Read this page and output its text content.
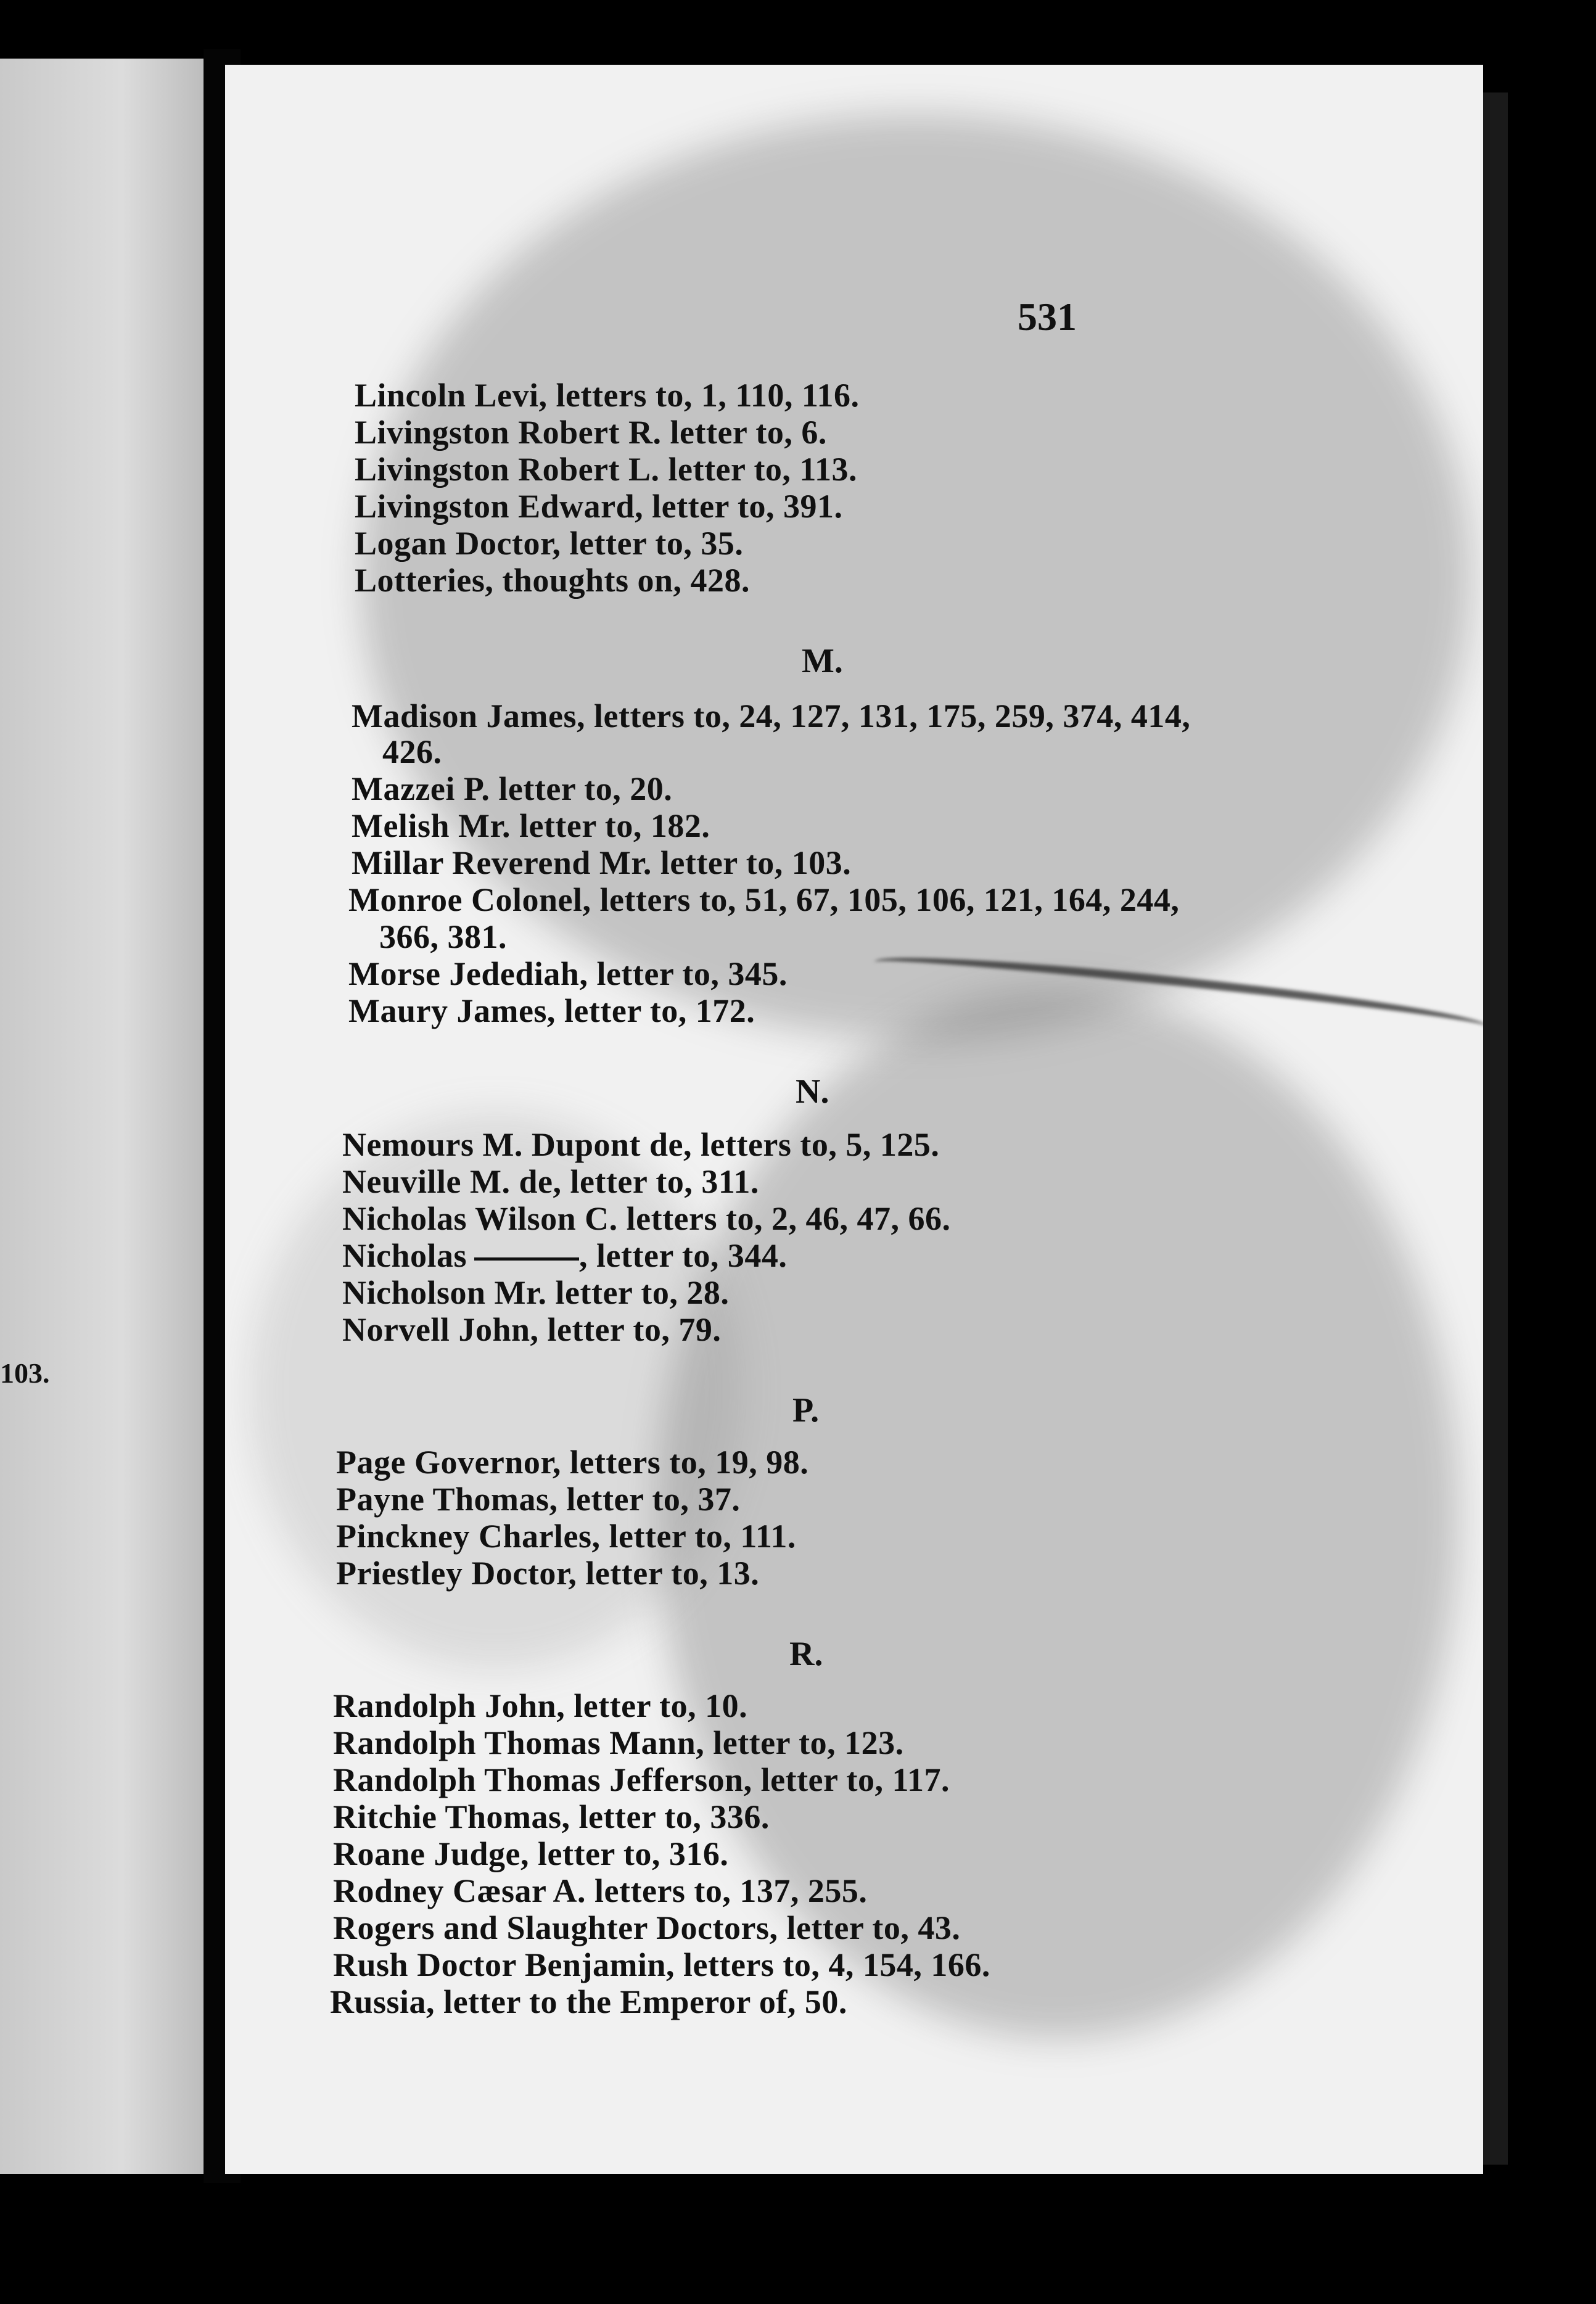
103.
531
Lincoln Levi, letters to, 1, 110, 116.
Livingston Robert R. letter to, 6.
Livingston Robert L. letter to, 113.
Livingston Edward, letter to, 391.
Logan Doctor, letter to, 35.
Lotteries, thoughts on, 428.
M.
Madison James, letters to, 24, 127, 131, 175, 259, 374, 414,
426.
Mazzei P. letter to, 20.
Melish Mr. letter to, 182.
Millar Reverend Mr. letter to, 103.
Monroe Colonel, letters to, 51, 67, 105, 106, 121, 164, 244,
366, 381.
Morse Jedediah, letter to, 345.
Maury James, letter to, 172.
N.
Nemours M. Dupont de, letters to, 5, 125.
Neuville M. de, letter to, 311.
Nicholas Wilson C. letters to, 2, 46, 47, 66.
Nicholas	, letter to, 344.
Nicholson Mr. letter to, 28.
Norvell John, letter to, 79.
P.
Page Governor, letters to, 19, 98.
Payne Thomas, letter to, 37.
Pinckney Charles, letter to, 111.
Priestley Doctor, letter to, 13.
R.
Randolph John, letter to, 10.
Randolph Thomas Mann, letter to, 123.
Randolph Thomas Jefferson, letter to, 117.
Ritchie Thomas, letter to, 336.
Roane Judge, letter to, 316.
Rodney Cæsar A. letters to, 137, 255.
Rogers and Slaughter Doctors, letter to, 43.
Rush Doctor Benjamin, letters to, 4, 154, 166.
Russia, letter to the Emperor of, 50.
